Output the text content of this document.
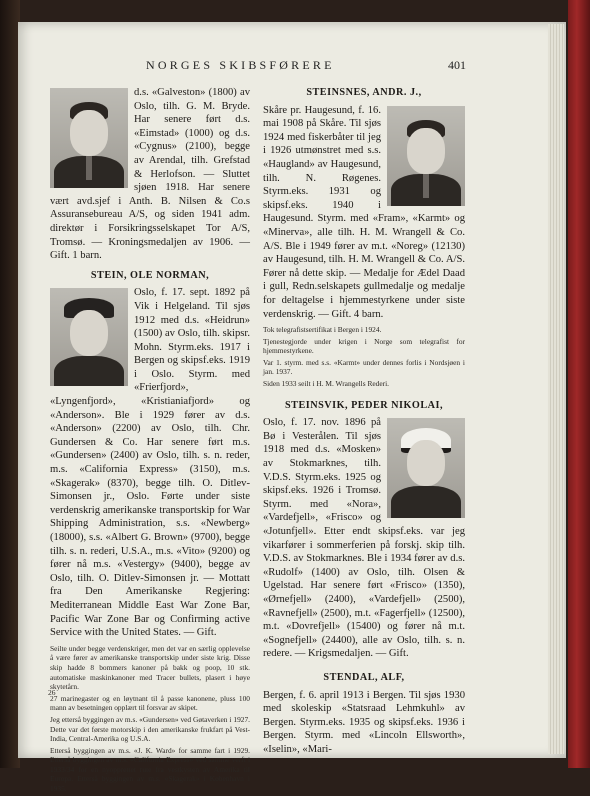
NORGES SKIBSFØRERE	401

d.s. «Galveston» (1800) av Oslo, tilh. G. M. Bryde. Har senere ført d.s. «Eimstad» (1000) og d.s. «Cygnus» (2100), begge av Arendal, tilh. Grefstad & Herlofson. — Sluttet sjøen 1918. Har senere vært avd.sjef i Anth. B. Nilsen & Co.s Assuransebureau A/S, og siden 1941 adm. direktør i Forsikringsselskapet Tor A/S, Tromsø. — Kroningsmedaljen av 1906. — Gift. 1 barn.

STEIN, OLE NORMAN,

Oslo, f. 17. sept. 1892 på Vik i Helgeland. Til sjøs 1912 med d.s. «Heidrun» (1500) av Oslo, tilh. skipsr. Mohn. Styrm.eks. 1917 i Bergen og skipsf.eks. 1919 i Oslo. Styrm. med «Frierfjord», «Lyngenfjord», «Kristianiafjord» og «Anderson». Ble i 1929 fører av d.s. «Anderson» (2200) av Oslo, tilh. Chr. Gundersen & Co. Har senere ført m.s. «Gundersen» (2400) av Oslo, tilh. s. n. reder, m.s. «California Express» (3150), m.s. «Skagerak» (8370), begge tilh. O. Ditlev-Simonsen jr., Oslo. Førte under siste verdenskrig amerikanske transportskip for War Shipping Administration, s.s. «Newberg» (18000), s.s. «Albert G. Brown» (9700), begge tilh. s. n. rederi, U.S.A., m.s. «Vito» (9200) og fører nå m.s. «Vestergy» (9400), begge av Oslo, tilh. O. Ditlev-Simonsen jr. — Mottatt fra Den Amerikanske Regjering: Mediterranean Middle East War Zone Bar, Pacific War Zone Bar og Confirming active Service with the United States. — Gift.

Seilte under begge verdenskriger, men det var en særlig opplevelse å være fører av amerikanske transportskip under siste krig. Disse skip hadde 8 bommers kanoner på bakk og poop, 10 stk. automatiske maskinkanoner med Tracer bullets, plasert i høye skytetårn.

27 marinegaster og en løytnant til å passe kanonene, pluss 100 mann av besetningen opplært til forsvar av skipet.

Jeg etterså byggingen av m.s. «Gundersen» ved Gøtaverken i 1927. Dette var det første motorskip i den amerikanske frukfart på Vest-India, Central-Amerika og U.S.A.

Etterså byggingen av m.s. «J. K. Ward» for samme fart i 1929. Etterså byggingen av m.s. «California Express» ved samme verft i 1933/34 for en nyopprettet rute fra vestkysten av Amerika til Europa. Etterså byggingen av m.s. «Skagerak» i København i 1935.

26
STEINSNES, ANDR. J.,

Skåre pr. Haugesund, f. 16. mai 1908 på Skåre. Til sjøs 1924 med fiskerbåter til jeg i 1926 utmønstret med s.s. «Haugland» av Haugesund, tilh. N. Røgenes. Styrm.eks. 1931 og skipsf.eks. 1940 i Haugesund. Styrm. med «Fram», «Karmt» og «Minerva», alle tilh. H. M. Wrangell & Co. A/S. Ble i 1949 fører av m.t. «Noreg» (12130) av Haugesund, tilh. H. M. Wrangell & Co. A/S. Fører nå dette skip. — Medalje for Ædel Daad i gull, Redn.selskapets gullmedalje og medalje for deltagelse i hjemmestyrkene under siste verdenskrig. — Gift. 4 barn.

Tok telegrafistsertifikat i Bergen i 1924.

Tjenestegjorde under krigen i Norge som telegrafist for hjemmestyrkene.

Var 1. styrm. med s.s. «Karmt» under dennes forlis i Nordsjøen i jan. 1937.

Siden 1933 seilt i H. M. Wrangells Rederi.

STEINSVIK, PEDER NIKOLAI,

Oslo, f. 17. nov. 1896 på Bø i Vesterålen. Til sjøs 1918 med d.s. «Mosken» av Stokmarknes, tilh. V.D.S. Styrm.eks. 1925 og skipsf.eks. 1926 i Tromsø. Styrm. med «Nora», «Vardefjell», «Frisco» og «Jotunfjell». Etter endt skipsf.eks. var jeg vikarfører i sommerferien på forskj. skip tilh. V.D.S. av Stokmarknes. Ble i 1934 fører av d.s. «Rudolf» (1400) av Oslo, tilh. Olsen & Ugelstad. Har senere ført «Frisco» (1350), «Ørnefjell» (2400), «Vardefjell» (2500), «Ravnefjell» (2500), m.t. «Fagerfjell» (12500), m.t. «Dovrefjell» (15400) og fører nå m.t. «Sognefjell» (24400), alle av Oslo, tilh. s. n. redere. — Krigsmedaljen. — Gift.

STENDAL, ALF,

Bergen, f. 6. april 1913 i Bergen. Til sjøs 1930 med skoleskip «Statsraad Lehmkuhl» av Bergen. Styrm.eks. 1935 og skipsf.eks. 1936 i Bergen. Styrm. med «Lincoln Ellsworth», «Iselin», «Mari-
